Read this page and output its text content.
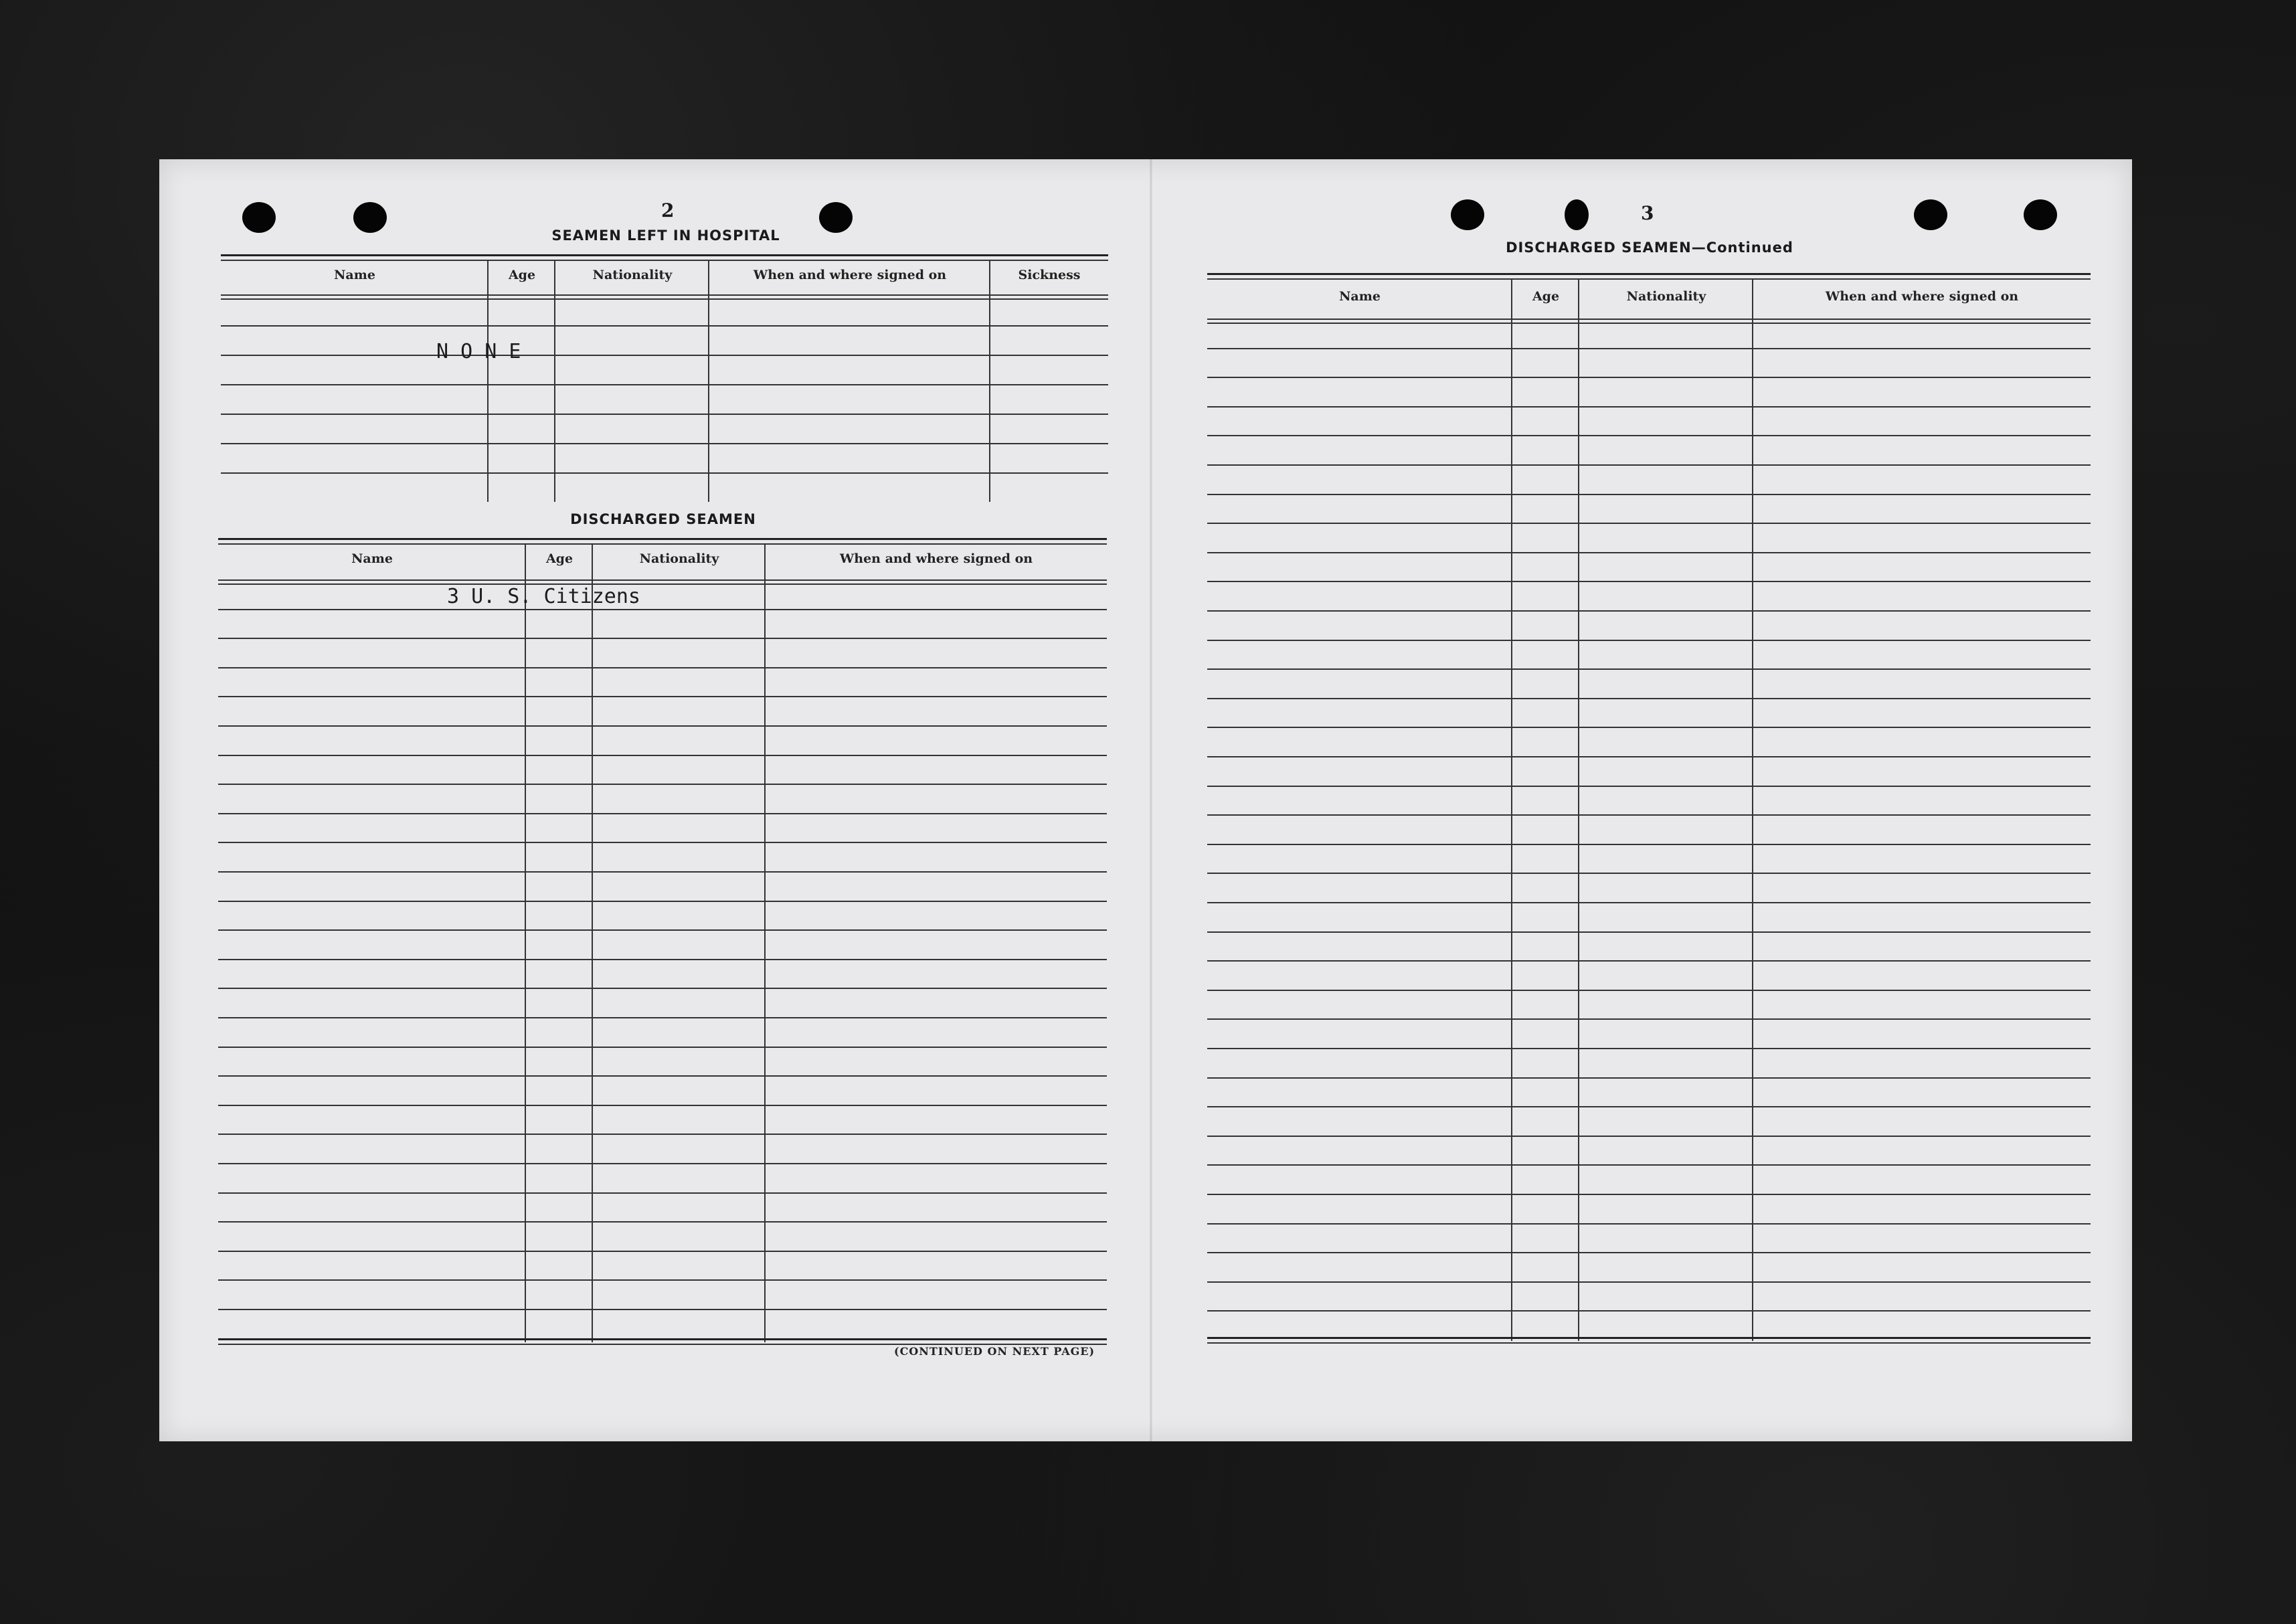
2
SEAMEN LEFT IN HOSPITAL
Name	Age	Nationality	When and where signed on	Sickness
N O N E
DISCHARGED SEAMEN
Name	Age	Nationality	When and where signed on
3 U. S. Citizens
(CONTINUED ON NEXT PAGE)
3
DISCHARGED SEAMEN—Continued
Name	Age	Nationality	When and where signed on
